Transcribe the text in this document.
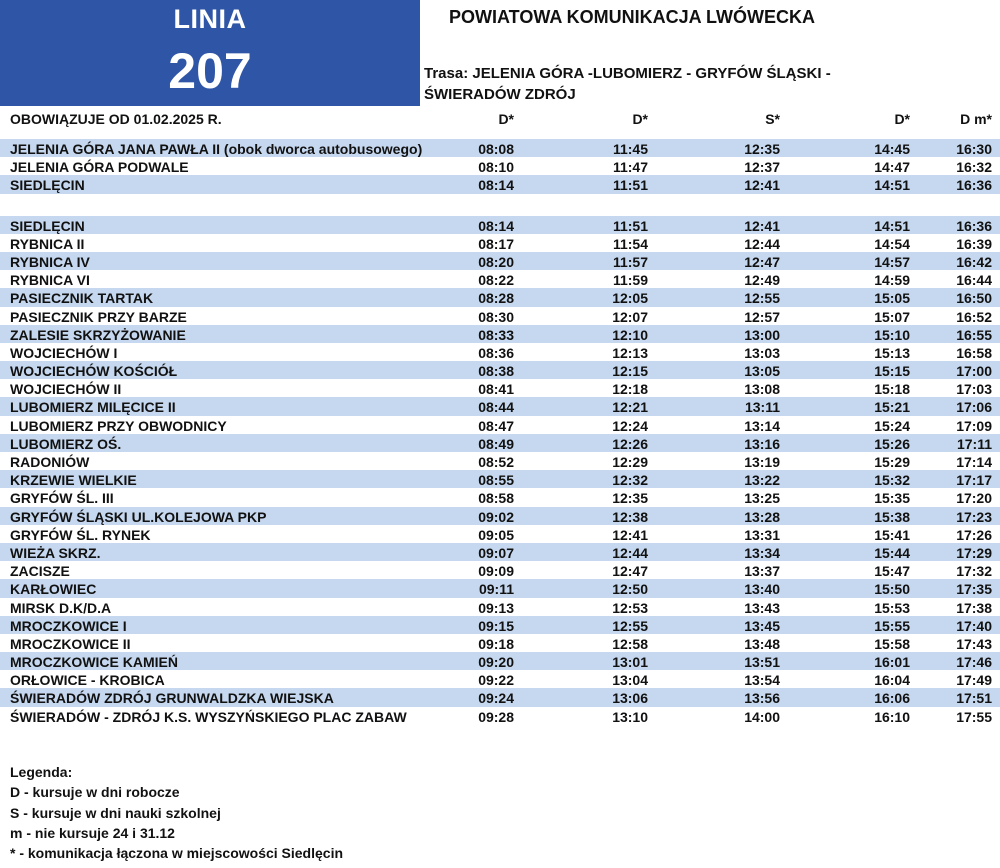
LINIA
207
POWIATOWA KOMUNIKACJA LWÓWECKA
Trasa: JELENIA GÓRA -LUBOMIERZ - GRYFÓW ŚLĄSKI -
ŚWIERADÓW ZDRÓJ
OBOWIĄZUJE OD 01.02.2025 R.	D*	D*	S*	D*	D m*
JELENIA GÓRA JANA PAWŁA II (obok dworca autobusowego)	08:08	11:45	12:35	14:45	16:30
JELENIA GÓRA PODWALE	08:10	11:47	12:37	14:47	16:32
SIEDLĘCIN	08:14	11:51	12:41	14:51	16:36
SIEDLĘCIN	08:14	11:51	12:41	14:51	16:36
RYBNICA II	08:17	11:54	12:44	14:54	16:39
RYBNICA IV	08:20	11:57	12:47	14:57	16:42
RYBNICA VI	08:22	11:59	12:49	14:59	16:44
PASIECZNIK TARTAK	08:28	12:05	12:55	15:05	16:50
PASIECZNIK PRZY BARZE	08:30	12:07	12:57	15:07	16:52
ZALESIE SKRZYŻOWANIE	08:33	12:10	13:00	15:10	16:55
WOJCIECHÓW I	08:36	12:13	13:03	15:13	16:58
WOJCIECHÓW KOŚCIÓŁ	08:38	12:15	13:05	15:15	17:00
WOJCIECHÓW II	08:41	12:18	13:08	15:18	17:03
LUBOMIERZ MILĘCICE II	08:44	12:21	13:11	15:21	17:06
LUBOMIERZ PRZY OBWODNICY	08:47	12:24	13:14	15:24	17:09
LUBOMIERZ OŚ.	08:49	12:26	13:16	15:26	17:11
RADONIÓW	08:52	12:29	13:19	15:29	17:14
KRZEWIE WIELKIE	08:55	12:32	13:22	15:32	17:17
GRYFÓW ŚL. III	08:58	12:35	13:25	15:35	17:20
GRYFÓW ŚLĄSKI UL.KOLEJOWA PKP	09:02	12:38	13:28	15:38	17:23
GRYFÓW ŚL. RYNEK	09:05	12:41	13:31	15:41	17:26
WIEŻA SKRZ.	09:07	12:44	13:34	15:44	17:29
ZACISZE	09:09	12:47	13:37	15:47	17:32
KARŁOWIEC	09:11	12:50	13:40	15:50	17:35
MIRSK D.K/D.A	09:13	12:53	13:43	15:53	17:38
MROCZKOWICE I	09:15	12:55	13:45	15:55	17:40
MROCZKOWICE II	09:18	12:58	13:48	15:58	17:43
MROCZKOWICE KAMIEŃ	09:20	13:01	13:51	16:01	17:46
ORŁOWICE - KROBICA	09:22	13:04	13:54	16:04	17:49
ŚWIERADÓW ZDRÓJ GRUNWALDZKA WIEJSKA	09:24	13:06	13:56	16:06	17:51
ŚWIERADÓW - ZDRÓJ K.S. WYSZYŃSKIEGO PLAC ZABAW	09:28	13:10	14:00	16:10	17:55
Legenda:
D - kursuje w dni robocze
S - kursuje w dni nauki szkolnej
m - nie kursuje 24 i 31.12
* - komunikacja łączona w miejscowości Siedlęcin
